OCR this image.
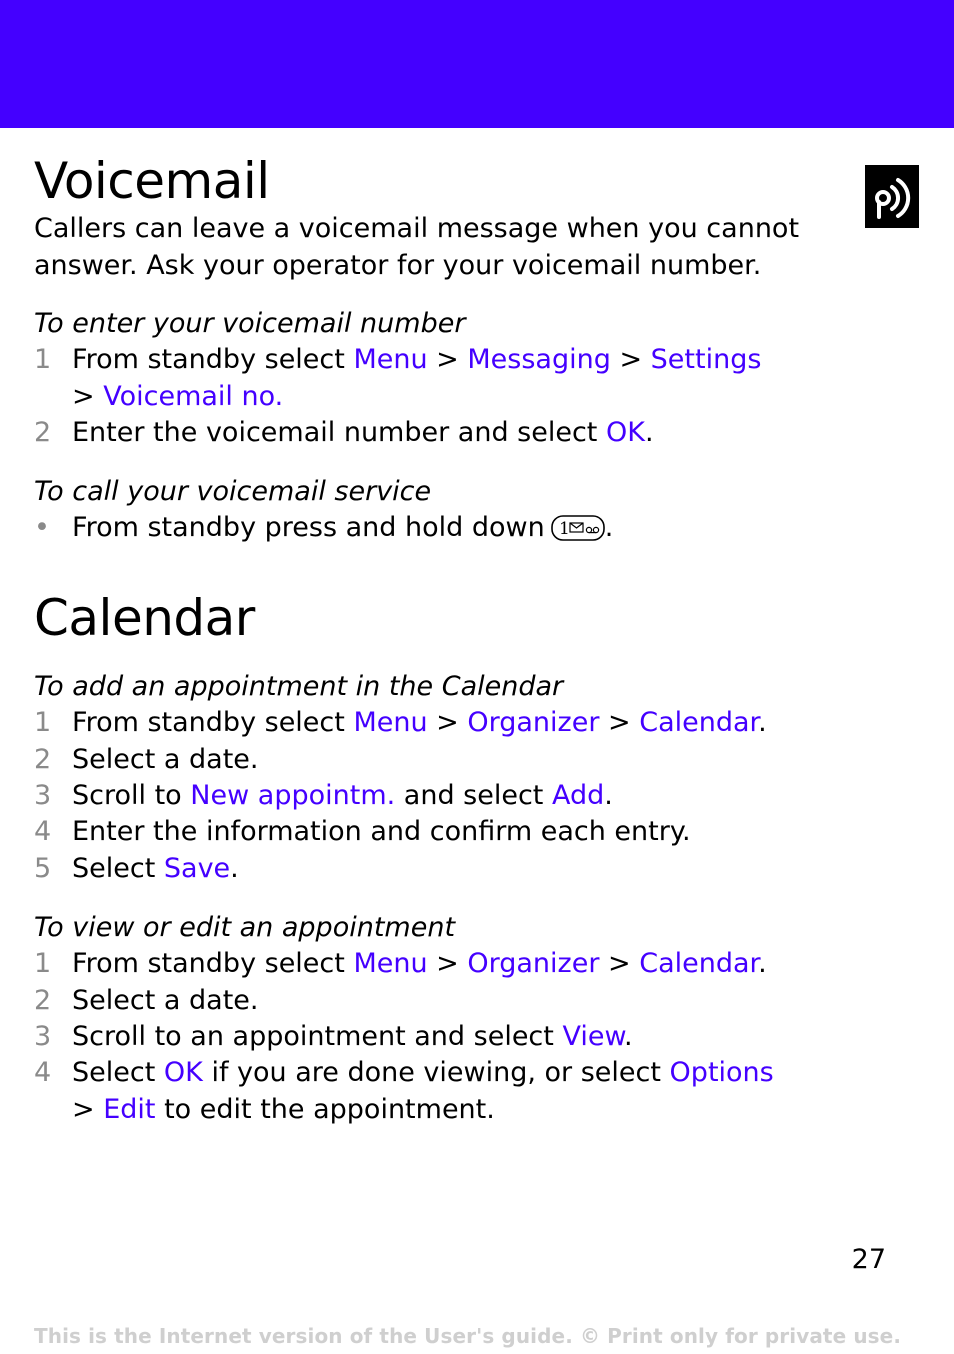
Voicemail
Callers can leave a voicemail message when you cannot
answer. Ask your operator for your voicemail number.
To enter your voicemail number
1 From standby select Menu > Messaging > Settings
> Voicemail no.
2 Enter the voicemail number and select OK.
To call your voicemail service
• From standby press and hold down 1 .
Calendar
To add an appointment in the Calendar
1 From standby select Menu > Organizer > Calendar.
2 Select a date.
3 Scroll to New appointm. and select Add.
4 Enter the information and confirm each entry.
5 Select Save.
To view or edit an appointment
1 From standby select Menu > Organizer > Calendar.
2 Select a date.
3 Scroll to an appointment and select View.
4 Select OK if you are done viewing, or select Options
> Edit to edit the appointment.
27
This is the Internet version of the User's guide. © Print only for private use.
